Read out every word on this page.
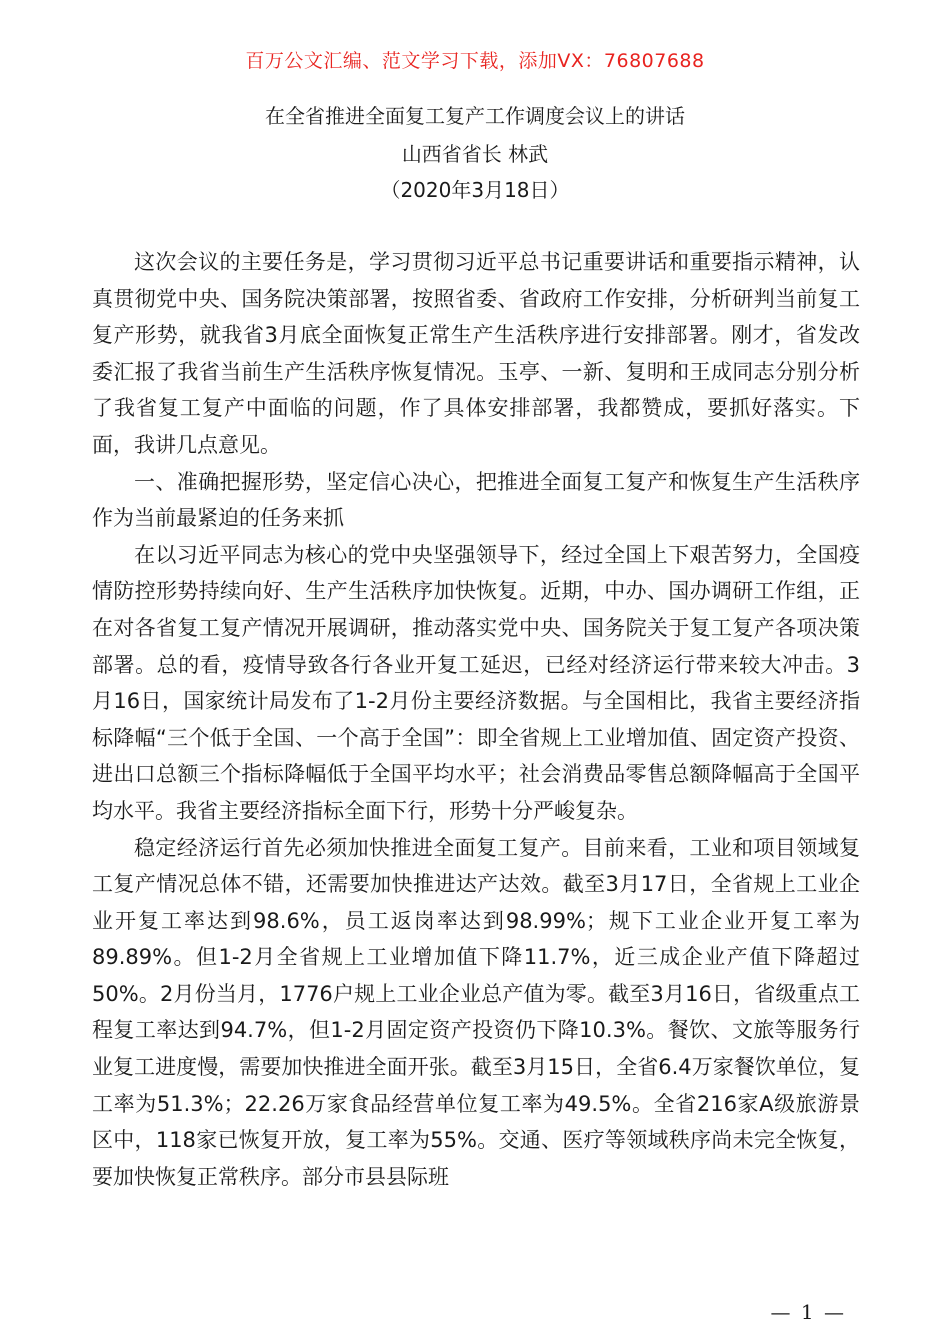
百万公文汇编、范文学习下载，添加VX：76807688
在全省推进全面复工复产工作调度会议上的讲话
山西省省长 林武
（2020年3月18日）

这次会议的主要任务是，学习贯彻习近平总书记重要讲话和重要指示精神，认真贯彻党中央、国务院决策部署，按照省委、省政府工作安排，分析研判当前复工复产形势，就我省3月底全面恢复正常生产生活秩序进行安排部署。刚才，省发改委汇报了我省当前生产生活秩序恢复情况。玉亭、一新、复明和王成同志分别分析了我省复工复产中面临的问题，作了具体安排部署，我都赞成，要抓好落实。下面，我讲几点意见。

一、准确把握形势，坚定信心决心，把推进全面复工复产和恢复生产生活秩序作为当前最紧迫的任务来抓

在以习近平同志为核心的党中央坚强领导下，经过全国上下艰苦努力，全国疫情防控形势持续向好、生产生活秩序加快恢复。近期，中办、国办调研工作组，正在对各省复工复产情况开展调研，推动落实党中央、国务院关于复工复产各项决策部署。总的看，疫情导致各行各业开复工延迟，已经对经济运行带来较大冲击。3月16日，国家统计局发布了1-2月份主要经济数据。与全国相比，我省主要经济指标降幅“三个低于全国、一个高于全国”：即全省规上工业增加值、固定资产投资、进出口总额三个指标降幅低于全国平均水平；社会消费品零售总额降幅高于全国平均水平。我省主要经济指标全面下行，形势十分严峻复杂。

稳定经济运行首先必须加快推进全面复工复产。目前来看，工业和项目领域复工复产情况总体不错，还需要加快推进达产达效。截至3月17日，全省规上工业企业开复工率达到98.6%，员工返岗率达到98.99%；规下工业企业开复工率为89.89%。但1-2月全省规上工业增加值下降11.7%，近三成企业产值下降超过50%。2月份当月，1776户规上工业企业总产值为零。截至3月16日，省级重点工程复工率达到94.7%，但1-2月固定资产投资仍下降10.3%。餐饮、文旅等服务行业复工进度慢，需要加快推进全面开张。截至3月15日，全省6.4万家餐饮单位，复工率为51.3%；22.26万家食品经营单位复工率为49.5%。全省216家A级旅游景区中，118家已恢复开放，复工率为55%。交通、医疗等领域秩序尚未完全恢复，要加快恢复正常秩序。部分市县县际班

— 1 —
